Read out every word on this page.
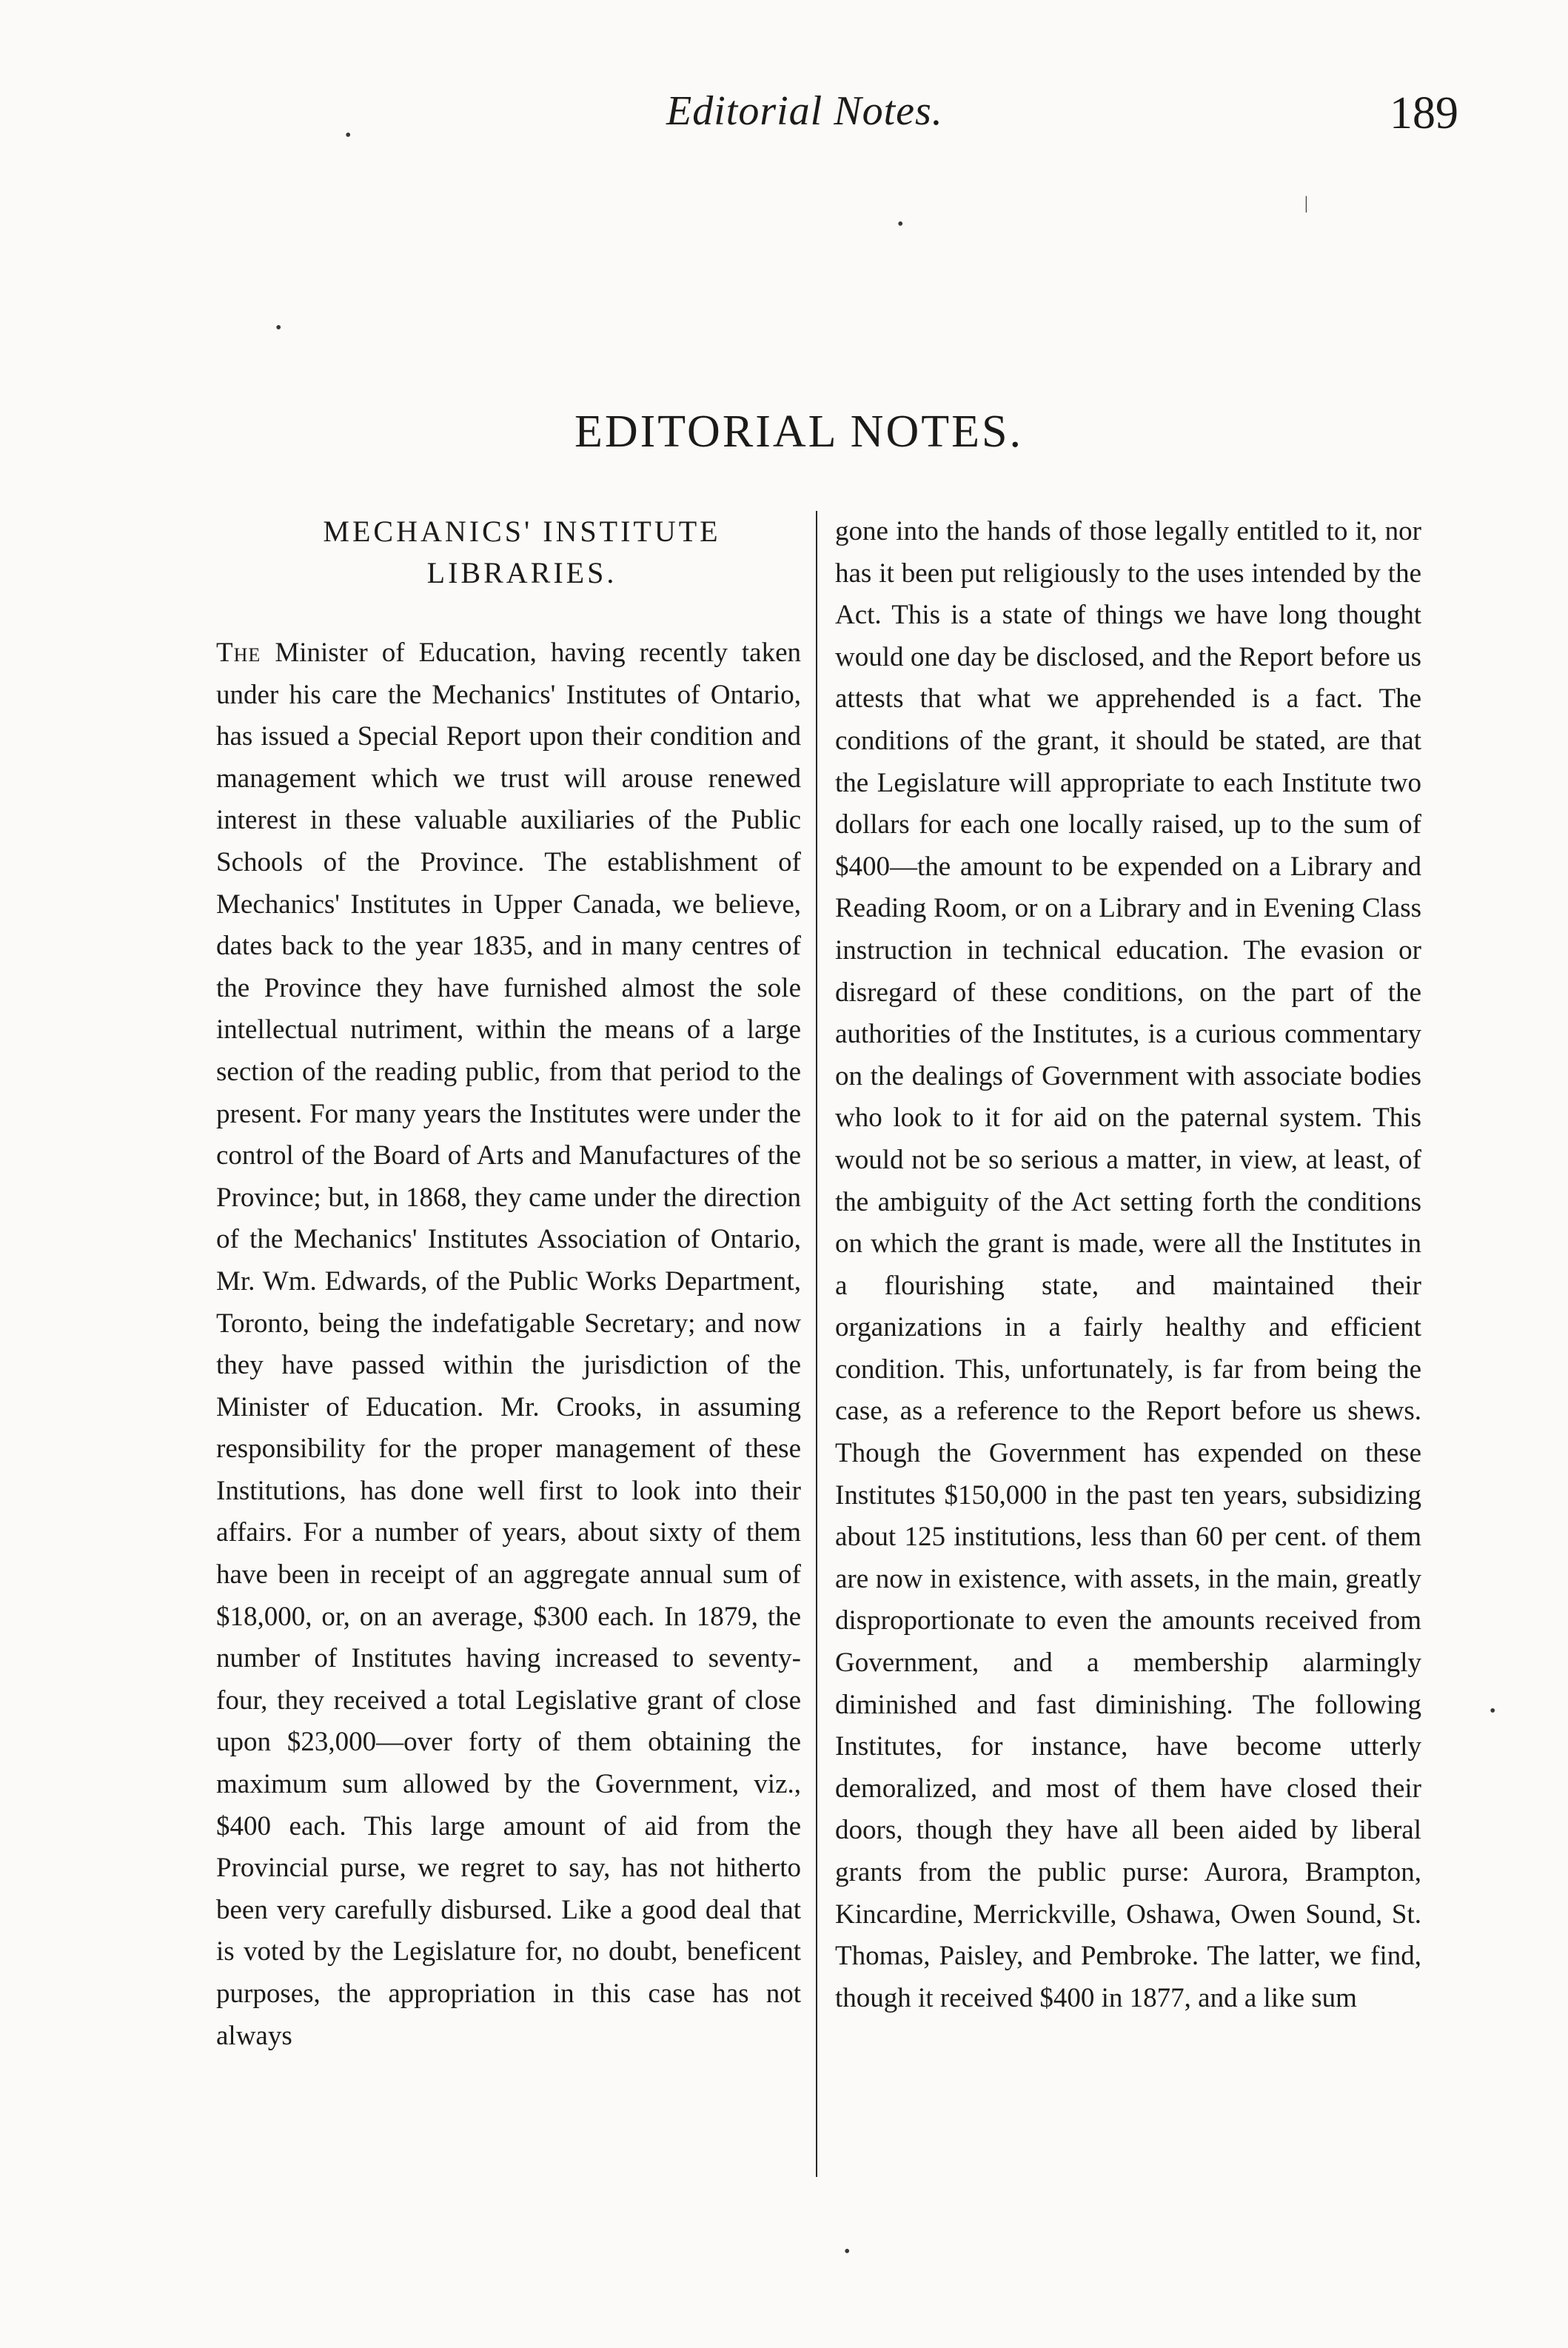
Editorial Notes.	189
EDITORIAL NOTES.
MECHANICS' INSTITUTE
LIBRARIES.

The Minister of Education, having recently taken under his care the Mechanics' Institutes of Ontario, has issued a Special Report upon their condition and management which we trust will arouse renewed interest in these valuable auxiliaries of the Public Schools of the Province. The establishment of Mechanics' Institutes in Upper Canada, we believe, dates back to the year 1835, and in many centres of the Province they have furnished almost the sole intellectual nutriment, within the means of a large section of the reading public, from that period to the present. For many years the Institutes were under the control of the Board of Arts and Manufactures of the Province; but, in 1868, they came under the direction of the Mechanics' Institutes Association of Ontario, Mr. Wm. Edwards, of the Public Works Department, Toronto, being the indefatigable Secretary; and now they have passed within the jurisdiction of the Minister of Education. Mr. Crooks, in assuming responsibility for the proper management of these Institutions, has done well first to look into their affairs. For a number of years, about sixty of them have been in receipt of an aggregate annual sum of $18,000, or, on an average, $300 each. In 1879, the number of Institutes having increased to seventy-four, they received a total Legislative grant of close upon $23,000—over forty of them obtaining the maximum sum allowed by the Government, viz., $400 each. This large amount of aid from the Provincial purse, we regret to say, has not hitherto been very carefully disbursed. Like a good deal that is voted by the Legislature for, no doubt, beneficent purposes, the appropriation in this case has not always

gone into the hands of those legally entitled to it, nor has it been put religiously to the uses intended by the Act. This is a state of things we have long thought would one day be disclosed, and the Report before us attests that what we apprehended is a fact. The conditions of the grant, it should be stated, are that the Legislature will appropriate to each Institute two dollars for each one locally raised, up to the sum of $400—the amount to be expended on a Library and Reading Room, or on a Library and in Evening Class instruction in technical education. The evasion or disregard of these conditions, on the part of the authorities of the Institutes, is a curious commentary on the dealings of Government with associate bodies who look to it for aid on the paternal system. This would not be so serious a matter, in view, at least, of the ambiguity of the Act setting forth the conditions on which the grant is made, were all the Institutes in a flourishing state, and maintained their organizations in a fairly healthy and efficient condition. This, unfortunately, is far from being the case, as a reference to the Report before us shews. Though the Government has expended on these Institutes $150,000 in the past ten years, subsidizing about 125 institutions, less than 60 per cent. of them are now in existence, with assets, in the main, greatly disproportionate to even the amounts received from Government, and a membership alarmingly diminished and fast diminishing. The following Institutes, for instance, have become utterly demoralized, and most of them have closed their doors, though they have all been aided by liberal grants from the public purse: Aurora, Brampton, Kincardine, Merrickville, Oshawa, Owen Sound, St. Thomas, Paisley, and Pembroke. The latter, we find, though it received $400 in 1877, and a like sum

•
•
|
•
•
•
